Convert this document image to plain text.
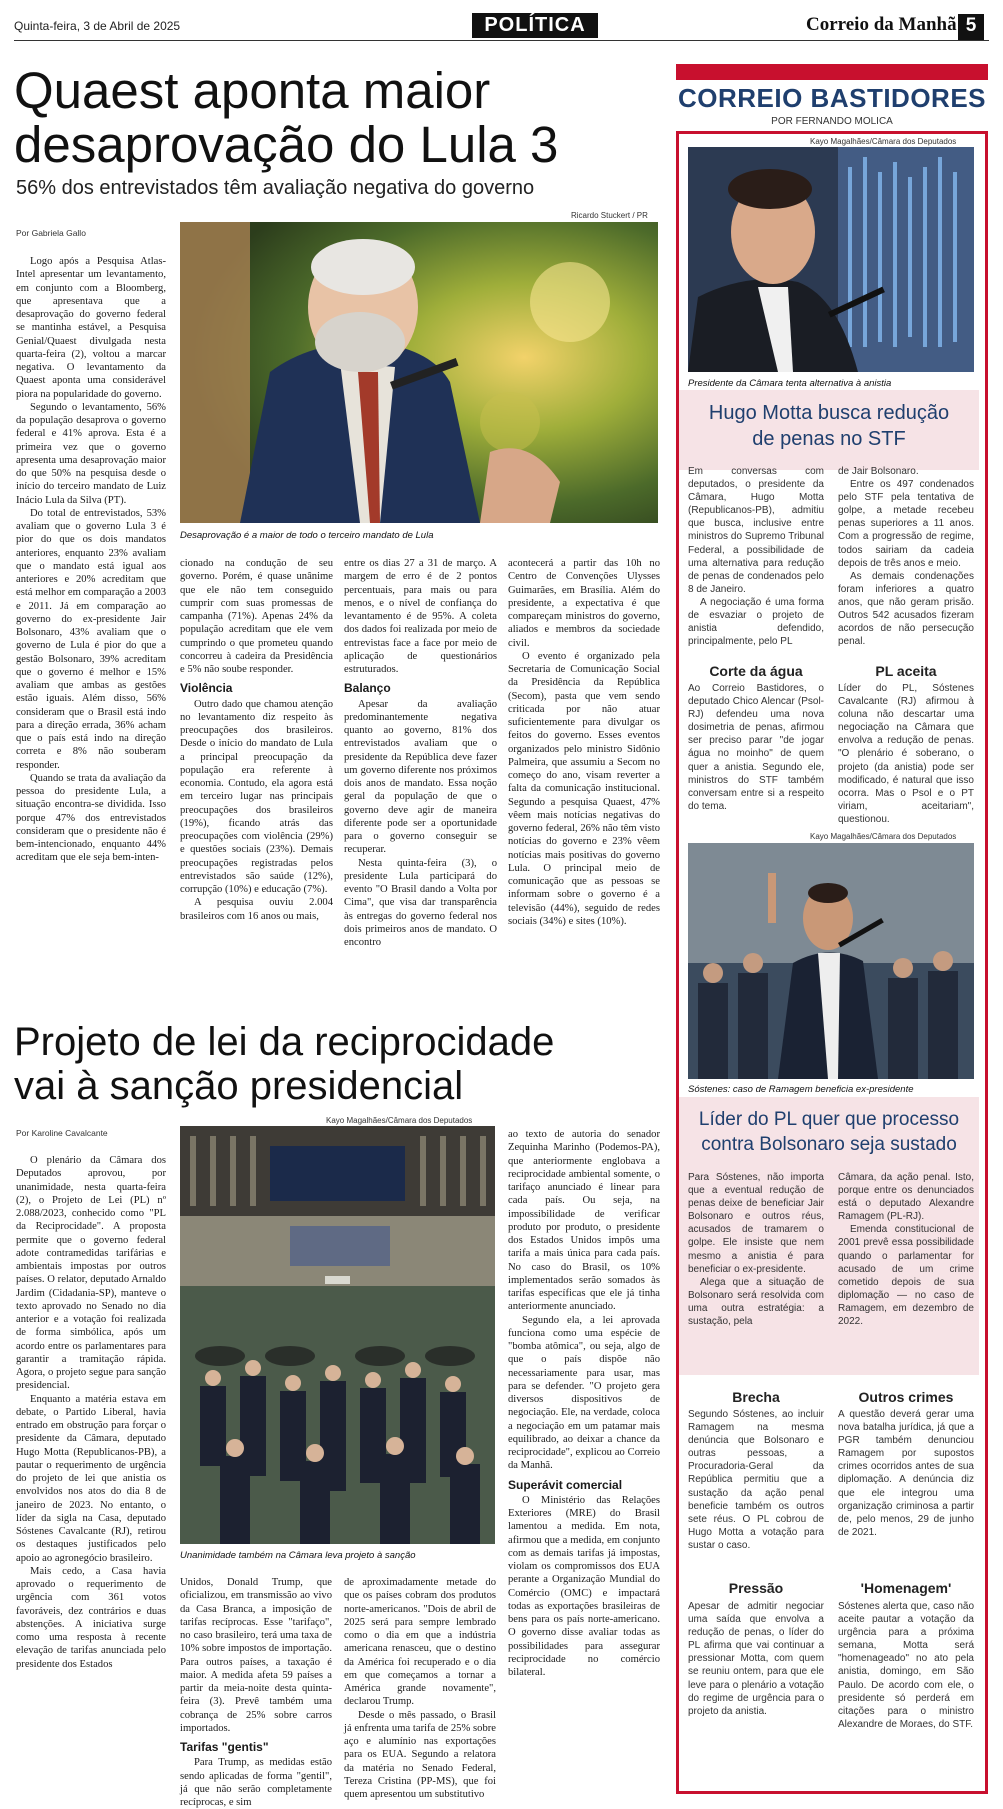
Quinta-feira, 3 de Abril de 2025	POLÍTICA	Correio da Manhã 5
Quaest aponta maior
desaprovação do Lula 3
56% dos entrevistados têm avaliação negativa do governo
Por Gabriela Gallo
Ricardo Stuckert / PR
Desaprovação é a maior de todo o terceiro mandato de Lula

Logo após a Pesquisa Atlas-Intel apresentar um levantamento, em conjunto com a Bloomberg, que apresentava que a desaprovação do governo federal se mantinha estável, a Pesquisa Genial/Quaest divulgada nesta quarta-feira (2), voltou a marcar negativa. O levantamento da Quaest aponta uma considerável piora na popularidade do governo.

Segundo o levantamento, 56% da população desaprova o governo federal e 41% aprova. Esta é a primeira vez que o governo apresenta uma desaprovação maior do que 50% na pesquisa desde o início do terceiro mandato de Luiz Inácio Lula da Silva (PT).

Do total de entrevistados, 53% avaliam que o governo Lula 3 é pior do que os dois mandatos anteriores, enquanto 23% avaliam que o mandato está igual aos anteriores e 20% acreditam que está melhor em comparação a 2003 e 2011. Já em comparação ao governo do ex-presidente Jair Bolsonaro, 43% avaliam que o governo de Lula é pior do que a gestão Bolsonaro, 39% acreditam que o governo é melhor e 15% avaliam que ambas as gestões estão iguais. Além disso, 56% consideram que o Brasil está indo para a direção errada, 36% acham que o país está indo na direção correta e 8% não souberam responder.

Quando se trata da avaliação da pessoa do presidente Lula, a situação encontra-se dividida. Isso porque 47% dos entrevistados consideram que o presidente não é bem-intencionado, enquanto 44% acreditam que ele seja bem-inten-

cionado na condução de seu governo. Porém, é quase unânime que ele não tem conseguido cumprir com suas promessas de campanha (71%). Apenas 24% da população acreditam que ele vem cumprindo o que prometeu quando concorreu à cadeira da Presidência e 5% não soube responder.

Violência

Outro dado que chamou atenção no levantamento diz respeito às preocupações dos brasileiros. Desde o início do mandato de Lula a principal preocupação da população era referente à economia. Contudo, ela agora está em terceiro lugar nas principais preocupações dos brasileiros (19%), ficando atrás das preocupações com violência (29%) e questões sociais (23%). Demais preocupações registradas pelos entrevistados são saúde (12%), corrupção (10%) e educação (7%).

A pesquisa ouviu 2.004 brasileiros com 16 anos ou mais,

entre os dias 27 a 31 de março. A margem de erro é de 2 pontos percentuais, para mais ou para menos, e o nível de confiança do levantamento é de 95%. A coleta dos dados foi realizada por meio de entrevistas face a face por meio de aplicação de questionários estruturados.

Balanço

Apesar da avaliação predominantemente negativa quanto ao governo, 81% dos entrevistados avaliam que o presidente da República deve fazer um governo diferente nos próximos dois anos de mandato. Essa noção geral da população de que o governo deve agir de maneira diferente pode ser a oportunidade para o governo conseguir se recuperar.

Nesta quinta-feira (3), o presidente Lula participará do evento "O Brasil dando a Volta por Cima", que visa dar transparência às entregas do governo federal nos dois primeiros anos de mandato. O encontro

acontecerá a partir das 10h no Centro de Convenções Ulysses Guimarães, em Brasília. Além do presidente, a expectativa é que compareçam ministros do governo, aliados e membros da sociedade civil.

O evento é organizado pela Secretaria de Comunicação Social da Presidência da República (Secom), pasta que vem sendo criticada por não atuar suficientemente para divulgar os feitos do governo. Esses eventos organizados pelo ministro Sidônio Palmeira, que assumiu a Secom no começo do ano, visam reverter a falta da comunicação institucional. Segundo a pesquisa Quaest, 47% vêem mais notícias negativas do governo federal, 26% não têm visto notícias do governo e 23% vêem notícias mais positivas do governo Lula. O principal meio de comunicação que as pessoas se informam sobre o governo é a televisão (44%), seguido de redes sociais (34%) e sites (10%).

Projeto de lei da reciprocidade
vai à sanção presidencial
Por Karoline Cavalcante
Kayo Magalhães/Câmara dos Deputados
Unanimidade também na Câmara leva projeto à sanção

O plenário da Câmara dos Deputados aprovou, por unanimidade, nesta quarta-feira (2), o Projeto de Lei (PL) nº 2.088/2023, conhecido como "PL da Reciprocidade". A proposta permite que o governo federal adote contramedidas tarifárias e ambientais impostas por outros países. O relator, deputado Arnaldo Jardim (Cidadania-SP), manteve o texto aprovado no Senado no dia anterior e a votação foi realizada de forma simbólica, após um acordo entre os parlamentares para garantir a tramitação rápida. Agora, o projeto segue para sanção presidencial.

Enquanto a matéria estava em debate, o Partido Liberal, havia entrado em obstrução para forçar o presidente da Câmara, deputado Hugo Motta (Republicanos-PB), a pautar o requerimento de urgência do projeto de lei que anistia os envolvidos nos atos do dia 8 de janeiro de 2023. No entanto, o líder da sigla na Casa, deputado Sóstenes Cavalcante (RJ), retirou os destaques justificados pelo apoio ao agronegócio brasileiro.

Mais cedo, a Casa havia aprovado o requerimento de urgência com 361 votos favoráveis, dez contrários e duas abstenções. A iniciativa surge como uma resposta à recente elevação de tarifas anunciada pelo presidente dos Estados

Unidos, Donald Trump, que oficializou, em transmissão ao vivo da Casa Branca, a imposição de tarifas recíprocas. Esse "tarifaço", no caso brasileiro, terá uma taxa de 10% sobre impostos de importação. Para outros países, a taxação é maior. A medida afeta 59 países a partir da meia-noite desta quinta-feira (3). Prevê também uma cobrança de 25% sobre carros importados.

Tarifas "gentis"

Para Trump, as medidas estão sendo aplicadas de forma "gentil", já que não serão completamente recíprocas, e sim

de aproximadamente metade do que os países cobram dos produtos norte-americanos. "Dois de abril de 2025 será para sempre lembrado como o dia em que a indústria americana renasceu, que o destino da América foi recuperado e o dia em que começamos a tornar a América grande novamente", declarou Trump.

Desde o mês passado, o Brasil já enfrenta uma tarifa de 25% sobre aço e alumínio nas exportações para os EUA. Segundo a relatora da matéria no Senado Federal, Tereza Cristina (PP-MS), que foi quem apresentou um substitutivo

ao texto de autoria do senador Zequinha Marinho (Podemos-PA), que anteriormente englobava a reciprocidade ambiental somente, o tarifaço anunciado é linear para cada país. Ou seja, na impossibilidade de verificar produto por produto, o presidente dos Estados Unidos impôs uma tarifa a mais única para cada país. No caso do Brasil, os 10% implementados serão somados às tarifas específicas que ele já tinha anteriormente anunciado.

Segundo ela, a lei aprovada funciona como uma espécie de "bomba atômica", ou seja, algo de que o país dispõe não necessariamente para usar, mas para se defender. "O projeto gera diversos dispositivos de negociação. Ele, na verdade, coloca a negociação em um patamar mais equilibrado, ao deixar a chance da reciprocidade", explicou ao Correio da Manhã.

Superávit comercial

O Ministério das Relações Exteriores (MRE) do Brasil lamentou a medida. Em nota, afirmou que a medida, em conjunto com as demais tarifas já impostas, violam os compromissos dos EUA perante a Organização Mundial do Comércio (OMC) e impactará todas as exportações brasileiras de bens para os país norte-americano. O governo disse avaliar todas as possibilidades para assegurar reciprocidade no comércio bilateral.

CORREIO BASTIDORES
POR FERNANDO MOLICA
Kayo Magalhães/Câmara dos Deputados
Presidente da Câmara tenta alternativa à anistia
Hugo Motta busca redução
de penas no STF

Em conversas com deputados, o presidente da Câmara, Hugo Motta (Republicanos-PB), admitiu que busca, inclusive entre ministros do Supremo Tribunal Federal, a possibilidade de uma alternativa para redução de penas de condenados pelo 8 de Janeiro.

A negociação é uma forma de esvaziar o projeto de anistia defendido, principalmente, pelo PL

de Jair Bolsonaro.

Entre os 497 condenados pelo STF pela tentativa de golpe, a metade recebeu penas superiores a 11 anos. Com a progressão de regime, todos sairiam da cadeia depois de três anos e meio.

As demais condenações foram inferiores a quatro anos, que não geram prisão. Outros 542 acusados fizeram acordos de não persecução penal.

Corte da água

Ao Correio Bastidores, o deputado Chico Alencar (Psol-RJ) defendeu uma nova dosimetria de penas, afirmou ser preciso parar "de jogar água no moinho" de quem quer a anistia. Segundo ele, ministros do STF também conversam entre si a respeito do tema.

PL aceita

Líder do PL, Sóstenes Cavalcante (RJ) afirmou à coluna não descartar uma negociação na Câmara que envolva a redução de penas. "O plenário é soberano, o projeto (da anistia) pode ser modificado, é natural que isso ocorra. Mas o Psol e o PT viriam, aceitariam", questionou.

Kayo Magalhães/Câmara dos Deputados
Sóstenes: caso de Ramagem beneficia ex-presidente
Líder do PL quer que processo
contra Bolsonaro seja sustado

Para Sóstenes, não importa que a eventual redução de penas deixe de beneficiar Jair Bolsonaro e outros réus, acusados de tramarem o golpe. Ele insiste que nem mesmo a anistia é para beneficiar o ex-presidente.

Alega que a situação de Bolsonaro será resolvida com uma outra estratégia: a sustação, pela

Câmara, da ação penal. Isto, porque entre os denunciados está o deputado Alexandre Ramagem (PL-RJ).

Emenda constitucional de 2001 prevê essa possibilidade quando o parlamentar for acusado de um crime cometido depois de sua diplomação — no caso de Ramagem, em dezembro de 2022.

Brecha

Segundo Sóstenes, ao incluir Ramagem na mesma denúncia que Bolsonaro e outras pessoas, a Procuradoria-Geral da República permitiu que a sustação da ação penal beneficie também os outros sete réus. O PL cobrou de Hugo Motta a votação para sustar o caso.

Outros crimes

A questão deverá gerar uma nova batalha jurídica, já que a PGR também denunciou Ramagem por supostos crimes ocorridos antes de sua diplomação. A denúncia diz que ele integrou uma organização criminosa a partir de, pelo menos, 29 de junho de 2021.

Pressão

Apesar de admitir negociar uma saída que envolva a redução de penas, o líder do PL afirma que vai continuar a pressionar Motta, com quem se reuniu ontem, para que ele leve para o plenário a votação do regime de urgência para o projeto da anistia.

'Homenagem'

Sóstenes alerta que, caso não aceite pautar a votação da urgência para a próxima semana, Motta será "homenageado" no ato pela anistia, domingo, em São Paulo. De acordo com ele, o presidente só perderá em citações para o ministro Alexandre de Moraes, do STF.
